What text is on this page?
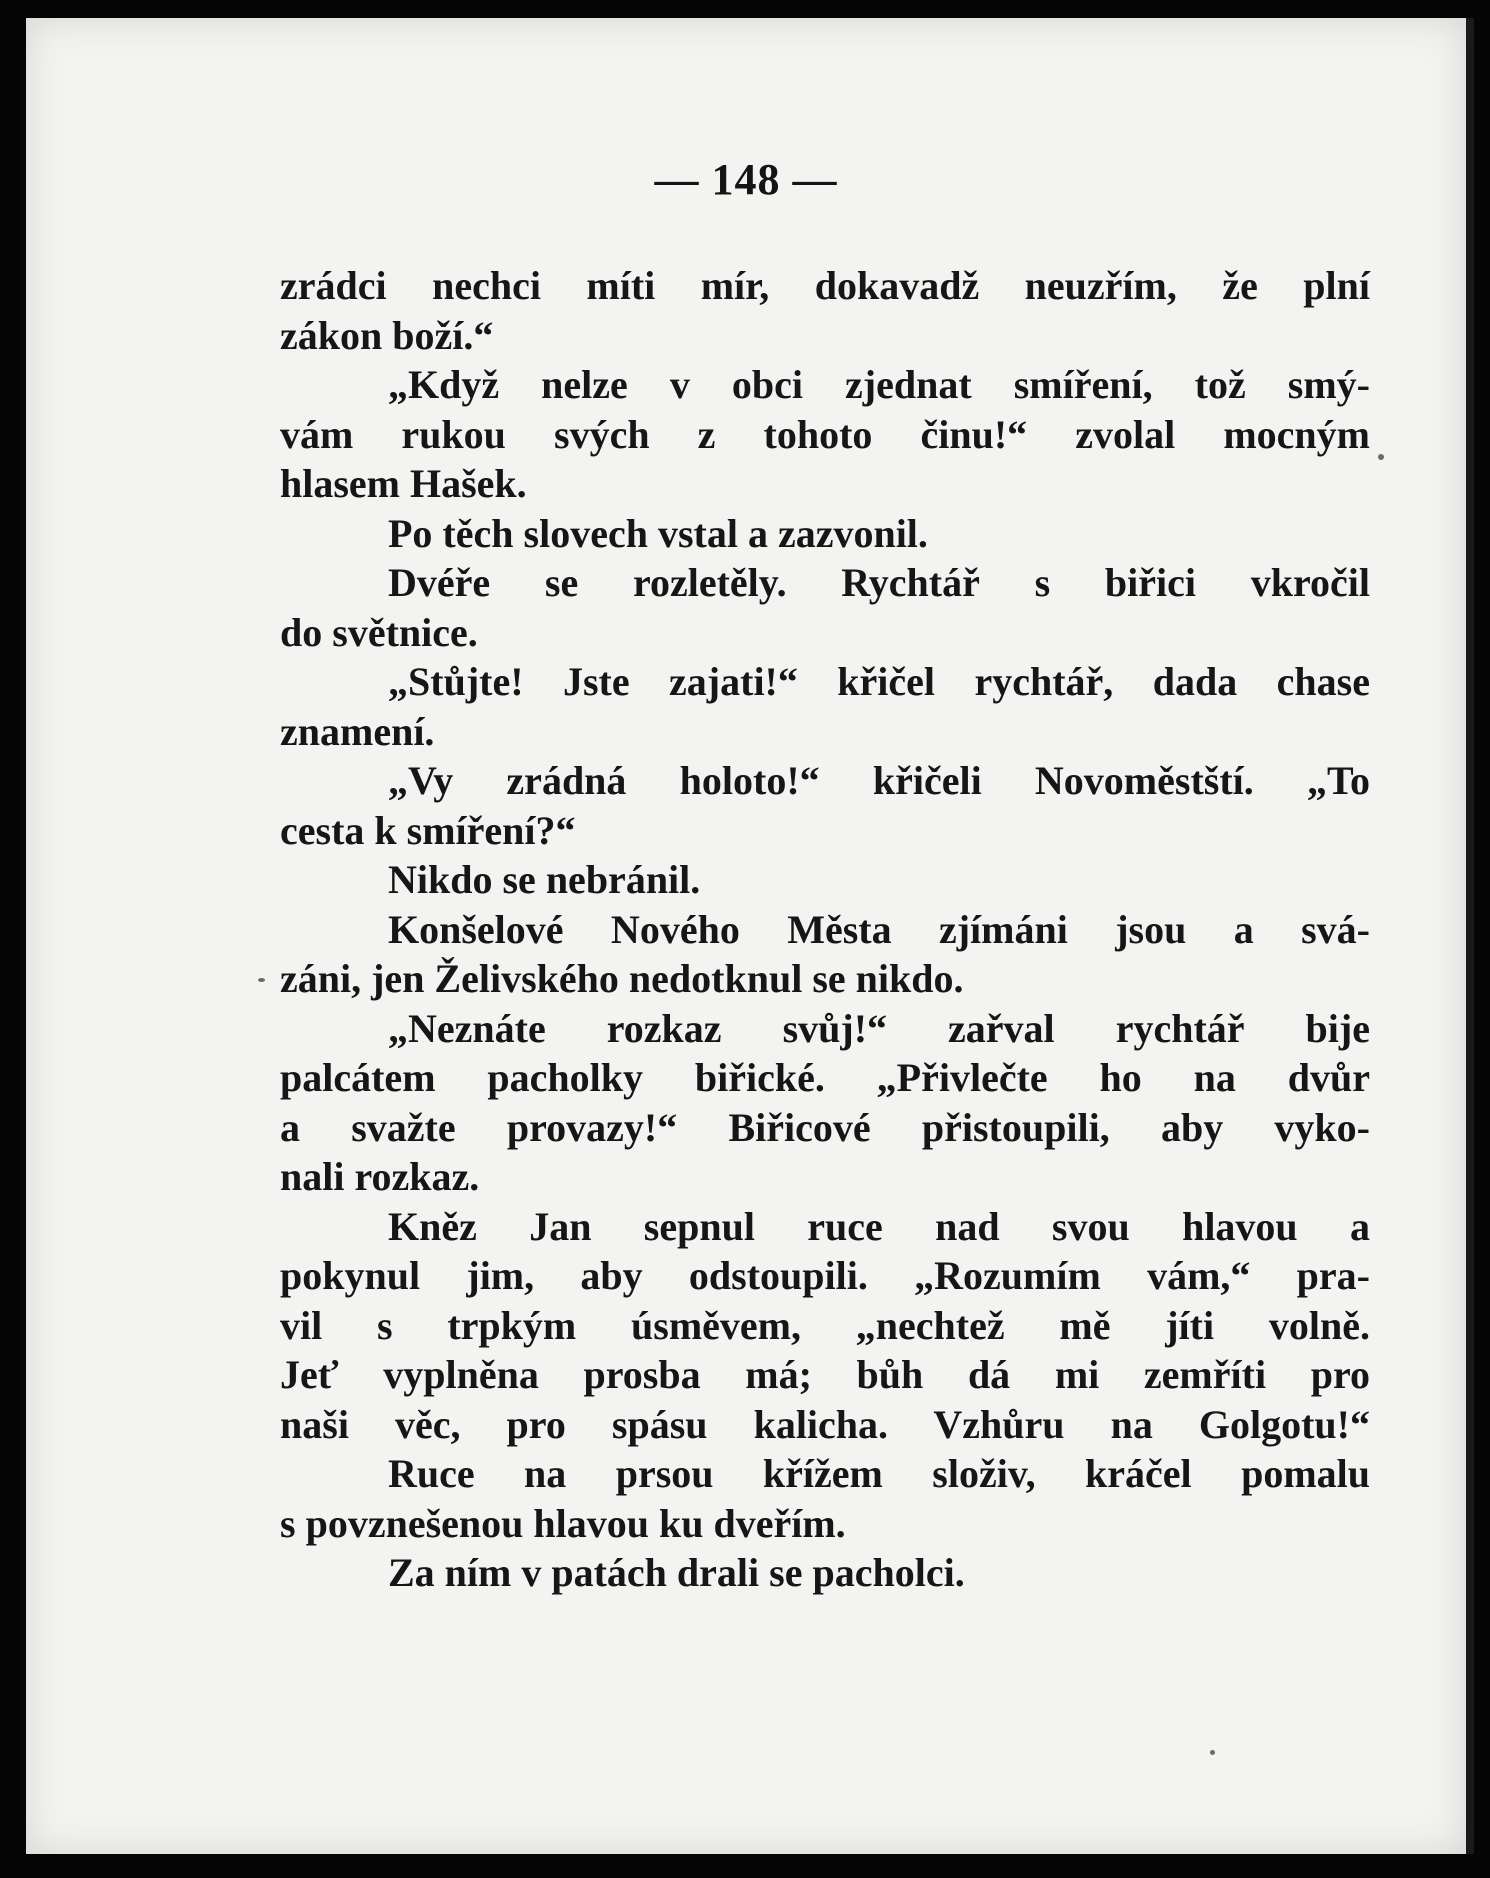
— 148 —
zrádci nechci míti mír, dokavadž neuzřím, že plní
zákon boží.“
„Když nelze v obci zjednat smíření, tož smý-
vám rukou svých z tohoto činu!“ zvolal mocným
hlasem Hašek.
Po těch slovech vstal a zazvonil.
Dvéře se rozletěly. Rychtář s biřici vkročil
do světnice.
„Stůjte! Jste zajati!“ křičel rychtář, dada chase
znamení.
„Vy zrádná holoto!“ křičeli Novoměstští. „To
cesta k smíření?“
Nikdo se nebránil.
Konšelové Nového Města zjímáni jsou a svá-
záni, jen Želivského nedotknul se nikdo.
„Neznáte rozkaz svůj!“ zařval rychtář bije
palcátem pacholky biřické. „Přivlečte ho na dvůr
a svažte provazy!“ Biřicové přistoupili, aby vyko-
nali rozkaz.
Kněz Jan sepnul ruce nad svou hlavou a
pokynul jim, aby odstoupili. „Rozumím vám,“ pra-
vil s trpkým úsměvem, „nechtež mě jíti volně.
Jeť vyplněna prosba má; bůh dá mi zemříti pro
naši věc, pro spásu kalicha. Vzhůru na Golgotu!“
Ruce na prsou křížem složiv, kráčel pomalu
s povznešenou hlavou ku dveřím.
Za ním v patách drali se pacholci.
